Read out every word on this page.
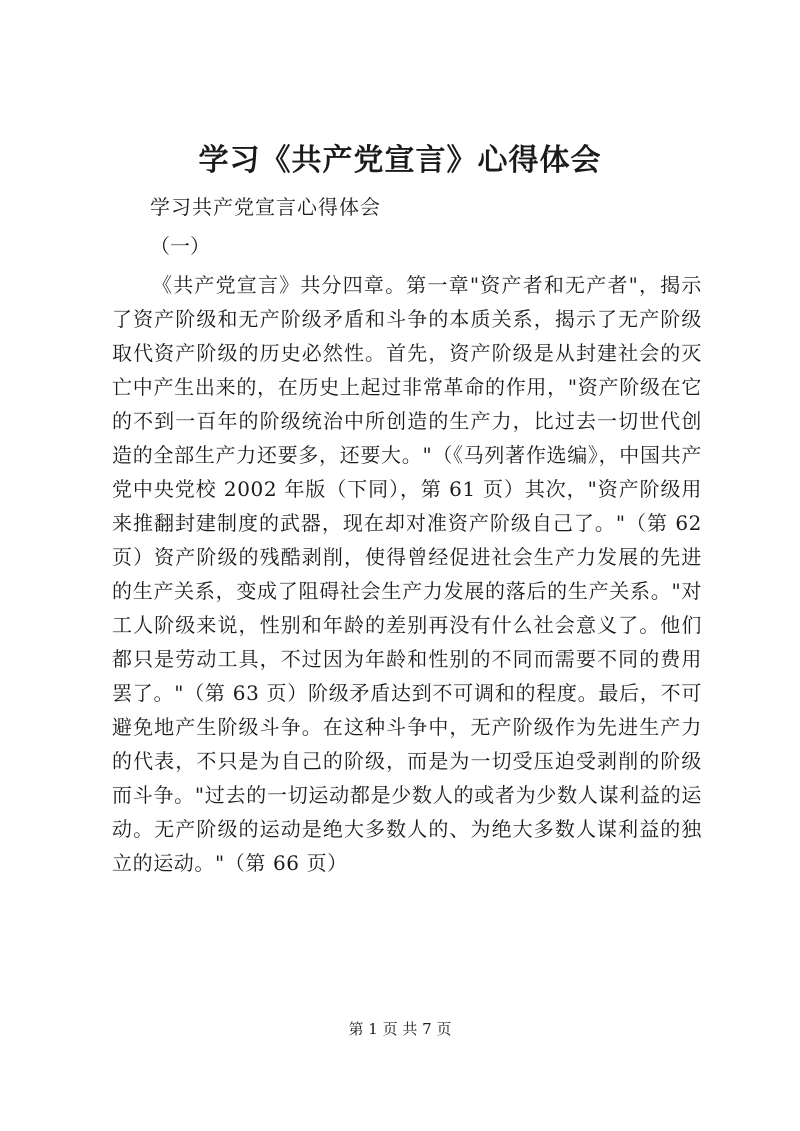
学习《共产党宣言》心得体会
学习共产党宣言心得体会
（一）

《共产党宣言》共分四章。第一章"资产者和无产者"，揭示了资产阶级和无产阶级矛盾和斗争的本质关系，揭示了无产阶级取代资产阶级的历史必然性。首先，资产阶级是从封建社会的灭亡中产生出来的，在历史上起过非常革命的作用，"资产阶级在它的不到一百年的阶级统治中所创造的生产力，比过去一切世代创造的全部生产力还要多，还要大。"（《马列著作选编》，中国共产党中央党校 2002 年版（下同），第 61 页）其次，"资产阶级用来推翻封建制度的武器，现在却对准资产阶级自己了。"（第 62 页）资产阶级的残酷剥削，使得曾经促进社会生产力发展的先进的生产关系，变成了阻碍社会生产力发展的落后的生产关系。"对工人阶级来说，性别和年龄的差别再没有什么社会意义了。他们都只是劳动工具，不过因为年龄和性别的不同而需要不同的费用罢了。"（第 63 页）阶级矛盾达到不可调和的程度。最后，不可避免地产生阶级斗争。在这种斗争中，无产阶级作为先进生产力的代表，不只是为自己的阶级，而是为一切受压迫受剥削的阶级而斗争。"过去的一切运动都是少数人的或者为少数人谋利益的运动。无产阶级的运动是绝大多数人的、为绝大多数人谋利益的独立的运动。"（第 66 页）

第 1 页 共 7 页
